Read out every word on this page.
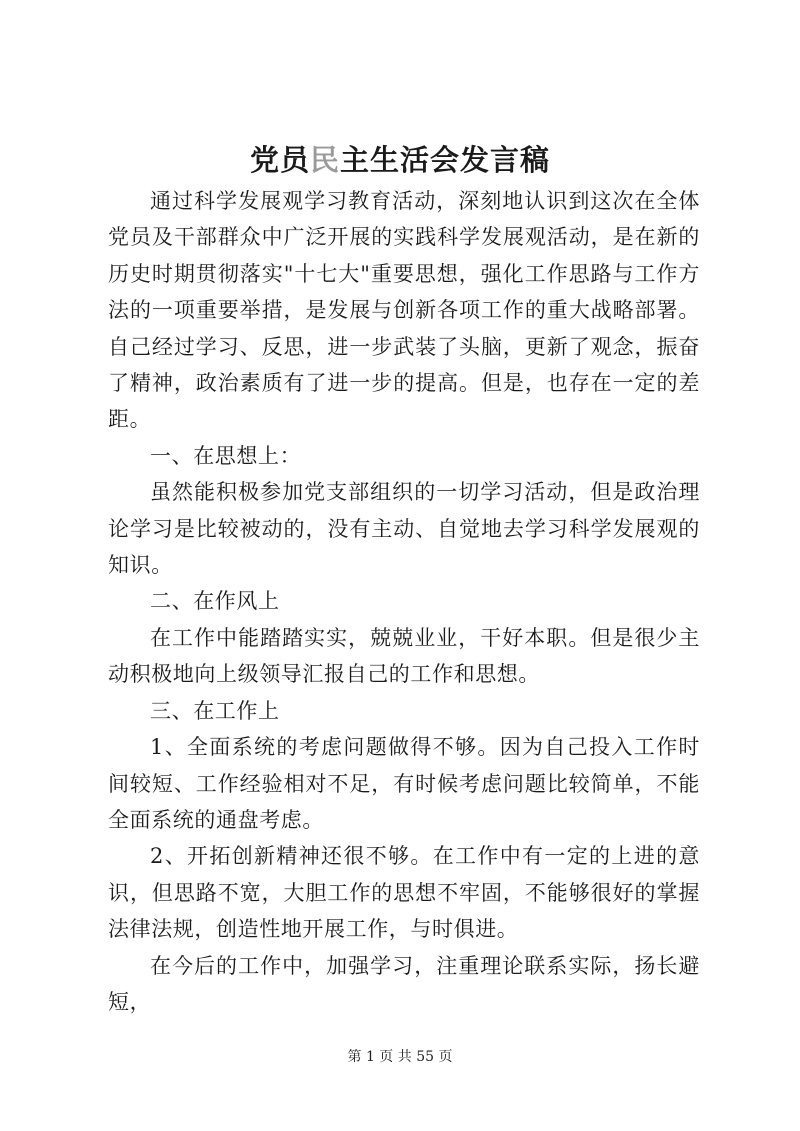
党员民主生活会发言稿

通过科学发展观学习教育活动，深刻地认识到这次在全体党员及干部群众中广泛开展的实践科学发展观活动，是在新的历史时期贯彻落实"十七大"重要思想，强化工作思路与工作方法的一项重要举措，是发展与创新各项工作的重大战略部署。自己经过学习、反思，进一步武装了头脑，更新了观念，振奋了精神，政治素质有了进一步的提高。但是，也存在一定的差距。

一、在思想上：

虽然能积极参加党支部组织的一切学习活动，但是政治理论学习是比较被动的，没有主动、自觉地去学习科学发展观的知识。

二、在作风上

在工作中能踏踏实实，兢兢业业，干好本职。但是很少主动积极地向上级领导汇报自己的工作和思想。

三、在工作上

1、全面系统的考虑问题做得不够。因为自己投入工作时间较短、工作经验相对不足，有时候考虑问题比较简单，不能全面系统的通盘考虑。

2、开拓创新精神还很不够。在工作中有一定的上进的意识，但思路不宽，大胆工作的思想不牢固，不能够很好的掌握法律法规，创造性地开展工作，与时俱进。

在今后的工作中，加强学习，注重理论联系实际，扬长避短，

第 1 页 共 55 页
